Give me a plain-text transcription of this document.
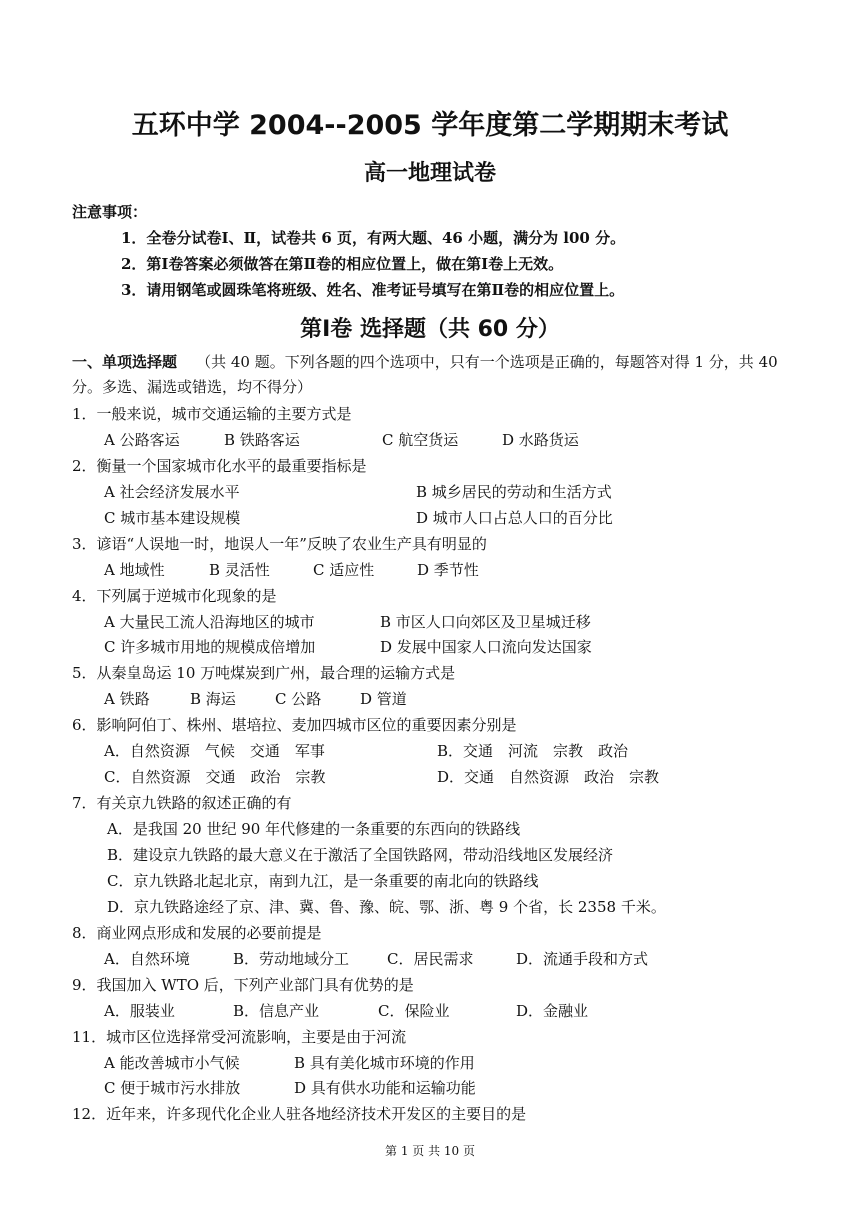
五环中学 2004--2005 学年度第二学期期末考试
高一地理试卷
注意事项：
1．全卷分试卷Ⅰ、Ⅱ，试卷共 6 页，有两大题、46 小题，满分为 l00 分。
2．第Ⅰ卷答案必须做答在第Ⅱ卷的相应位置上，做在第Ⅰ卷上无效。
3．请用钢笔或圆珠笔将班级、姓名、准考证号填写在第Ⅱ卷的相应位置上。
第Ⅰ卷 选择题（共 60 分）
一、单项选择题 （共 40 题。下列各题的四个选项中，只有一个选项是正确的，每题答对得 1 分，共 40 分。多选、漏选或错选，均不得分）
1．一般来说，城市交通运输的主要方式是
A 公路客运	B 铁路客运	C 航空货运	D 水路货运
2．衡量一个国家城市化水平的最重要指标是
A 社会经济发展水平	B 城乡居民的劳动和生活方式
C 城市基本建设规模	D 城市人口占总人口的百分比
3．谚语“人误地一时，地误人一年”反映了农业生产具有明显的
A 地域性	B 灵活性	C 适应性	D 季节性
4．下列属于逆城市化现象的是
A 大量民工流人沿海地区的城市	B 市区人口向郊区及卫星城迁移
C 许多城市用地的规模成倍增加	D 发展中国家人口流向发达国家
5．从秦皇岛运 10 万吨煤炭到广州，最合理的运输方式是
A 铁路	B 海运	C 公路	D 管道
6．影响阿伯丁、株州、堪培拉、麦加四城市区位的重要因素分别是
A．自然资源　气候　交通　军事	B．交通　河流　宗教　政治
C．自然资源　交通　政治　宗教	D．交通　自然资源　政治　宗教
7．有关京九铁路的叙述正确的有
A．是我国 20 世纪 90 年代修建的一条重要的东西向的铁路线
B．建设京九铁路的最大意义在于激活了全国铁路网，带动沿线地区发展经济
C．京九铁路北起北京，南到九江，是一条重要的南北向的铁路线
D．京九铁路途经了京、津、冀、鲁、豫、皖、鄂、浙、粤 9 个省，长 2358 千米。
8．商业网点形成和发展的必要前提是
A．自然环境	B．劳动地域分工	C．居民需求	D．流通手段和方式
9．我国加入 WTO 后，下列产业部门具有优势的是
A．服装业	B．信息产业	C．保险业	D．金融业
11．城市区位选择常受河流影响，主要是由于河流
A 能改善城市小气候	B 具有美化城市环境的作用
C 便于城市污水排放	D 具有供水功能和运输功能
12．近年来，许多现代化企业人驻各地经济技术开发区的主要目的是
第 1 页 共 10 页
